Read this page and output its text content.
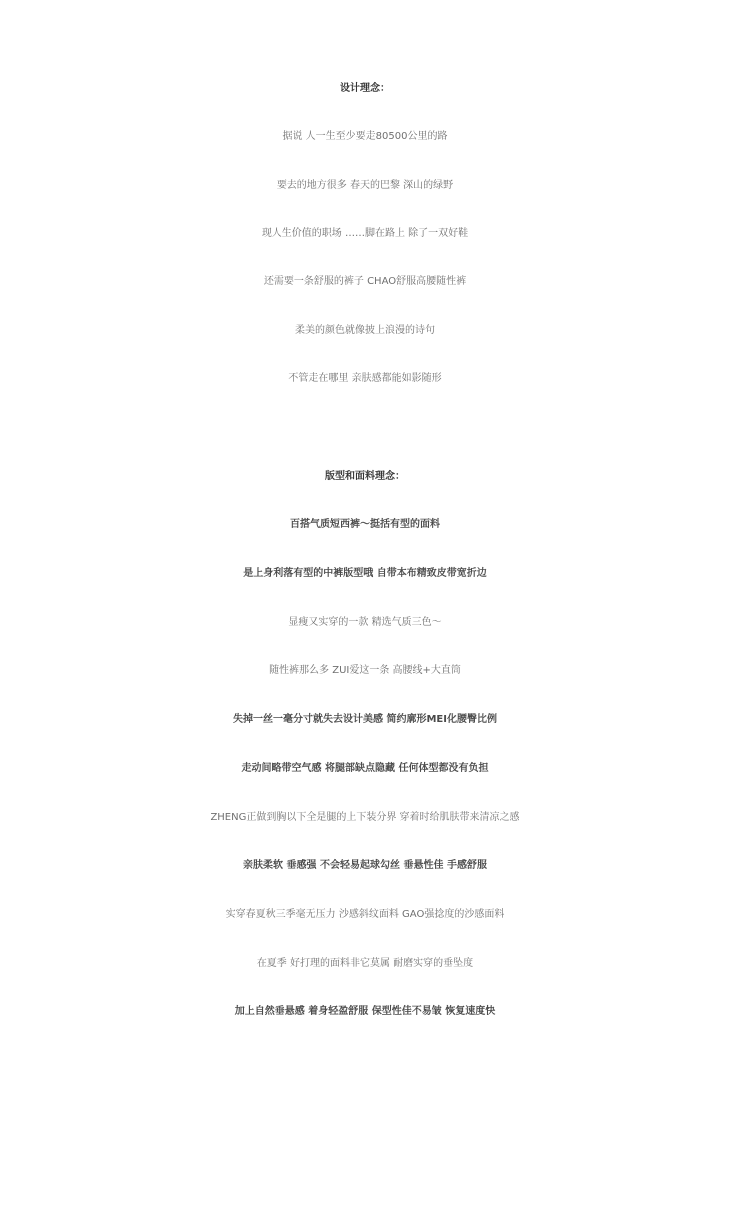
设计理念：
据说 人一生至少要走80500公里的路
要去的地方很多 春天的巴黎 深山的绿野
现人生价值的职场 ……脚在路上 除了一双好鞋
还需要一条舒服的裤子 CHAO舒服高腰随性裤
柔美的颜色就像披上浪漫的诗句
不管走在哪里 亲肤感都能如影随形
版型和面料理念：
百搭气质短西裤～挺括有型的面料
是上身利落有型的中裤版型哦 自带本布精致皮带宽折边
显瘦又实穿的一款 精选气质三色～
随性裤那么多 ZUI爱这一条 高腰线+大直筒
失掉一丝一毫分寸就失去设计美感 简约廓形MEI化腰臀比例
走动间略带空气感 将腿部缺点隐藏 任何体型都没有负担
ZHENG正做到胸以下全是腿的上下装分界 穿着时给肌肤带来清凉之感
亲肤柔软 垂感强 不会轻易起球勾丝 垂悬性佳 手感舒服
实穿春夏秋三季毫无压力 沙感斜纹面料 GAO强捻度的沙感面料
在夏季 好打理的面料非它莫属 耐磨实穿的垂坠度
加上自然垂悬感 着身轻盈舒服 保型性佳不易皱 恢复速度快
